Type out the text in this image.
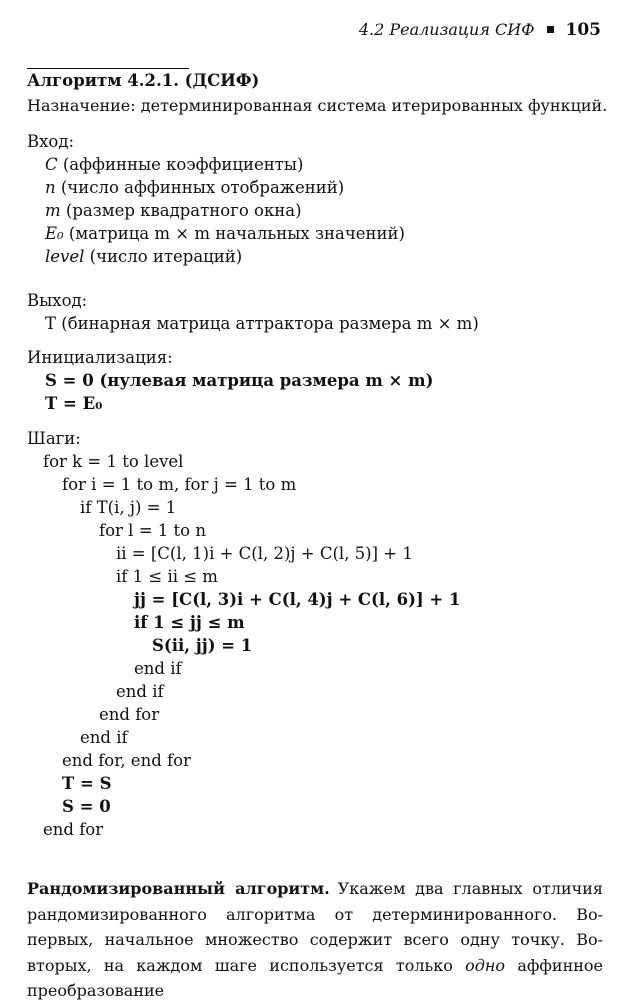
4.2 Реализация СИФ 105
Алгоритм 4.2.1. (ДСИФ)
Назначение: детерминированная система итерированных функций.
Вход:
C (аффинные коэффициенты)
n (число аффинных отображений)
m (размер квадратного окна)
E₀ (матрица m × m начальных значений)
level (число итераций)
Выход:
T (бинарная матрица аттрактора размера m × m)
Инициализация:
S = 0 (нулевая матрица размера m × m)
T = E₀
Шаги:
for k = 1 to level
for i = 1 to m, for j = 1 to m
if T(i, j) = 1
for l = 1 to n
ii = [C(l, 1)i + C(l, 2)j + C(l, 5)] + 1
if 1 ≤ ii ≤ m
jj = [C(l, 3)i + C(l, 4)j + C(l, 6)] + 1
if 1 ≤ jj ≤ m
S(ii, jj) = 1
end if
end if
end for
end if
end for, end for
T = S
S = 0
end for
Рандомизированный алгоритм. Укажем два главных отличия рандомизированного алгоритма от детерминированного. Во-первых, начальное множество содержит всего одну точку. Во-вторых, на каждом шаге используется только одно аффинное преобразование
